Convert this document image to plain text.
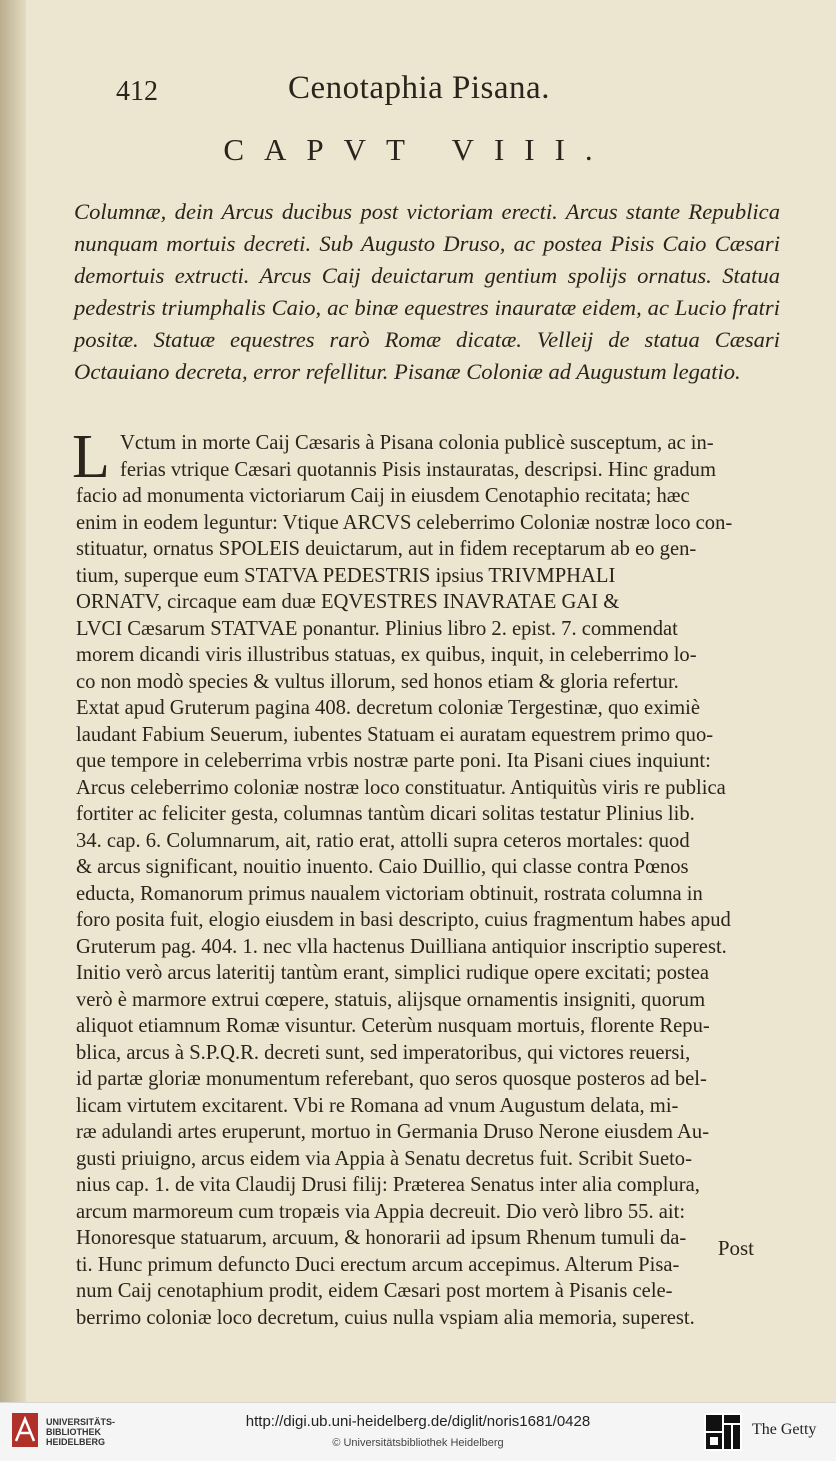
412	Cenotaphia Pisana.
CAPVT VIII.
Columnæ, dein Arcus ducibus post victoriam erecti. Arcus stante Republica nunquam mortuis decreti. Sub Augusto Druso, ac postea Pisis Caio Cæsari demortuis extructi. Arcus Caij deuictarum gentium spolijs ornatus. Statua pedestris triumphalis Caio, ac binæ equestres inauratæ eidem, ac Lucio fratri positæ. Statuæ equestres rarò Romæ dicatæ. Velleij de statua Cæsari Octauiano decreta, error refellitur. Pisanæ Coloniæ ad Augustum legatio.
L Vctum in morte Caij Cæsaris à Pisana colonia publicè susceptum, ac in-
ferias vtrique Cæsari quotannis Pisis instauratas, descripsi. Hinc gradum
facio ad monumenta victoriarum Caij in eiusdem Cenotaphio recitata; hæc
enim in eodem leguntur: Vtique ARCVS celeberrimo Coloniæ nostræ loco con-
stituatur, ornatus SPOLEIS deuictarum, aut in fidem receptarum ab eo gen-
tium, superque eum STATVA PEDESTRIS ipsius TRIVMPHALI
ORNATV, circaque eam duæ EQVESTRES INAVRATAE GAI &
LVCI Cæsarum STATVAE ponantur. Plinius libro 2. epist. 7. commendat
morem dicandi viris illustribus statuas, ex quibus, inquit, in celeberrimo lo-
co non modò species & vultus illorum, sed honos etiam & gloria refertur.
Extat apud Gruterum pagina 408. decretum coloniæ Tergestinæ, quo eximiè
laudant Fabium Seuerum, iubentes Statuam ei auratam equestrem primo quo-
que tempore in celeberrima vrbis nostræ parte poni. Ita Pisani ciues inquiunt:
Arcus celeberrimo coloniæ nostræ loco constituatur. Antiquitùs viris re publica
fortiter ac feliciter gesta, columnas tantùm dicari solitas testatur Plinius lib.
34. cap. 6. Columnarum, ait, ratio erat, attolli supra ceteros mortales: quod
& arcus significant, nouitio inuento. Caio Duillio, qui classe contra Pœnos
educta, Romanorum primus naualem victoriam obtinuit, rostrata columna in
foro posita fuit, elogio eiusdem in basi descripto, cuius fragmentum habes apud
Gruterum pag. 404. 1. nec vlla hactenus Duilliana antiquior inscriptio superest.
Initio verò arcus lateritij tantùm erant, simplici rudique opere excitati; postea
verò è marmore extrui cœpere, statuis, alijsque ornamentis insigniti, quorum
aliquot etiamnum Romæ visuntur. Ceterùm nusquam mortuis, florente Repu-
blica, arcus à S.P.Q.R. decreti sunt, sed imperatoribus, qui victores reuersi,
id partæ gloriæ monumentum referebant, quo seros quosque posteros ad bel-
licam virtutem excitarent. Vbi re Romana ad vnum Augustum delata, mi-
ræ adulandi artes eruperunt, mortuo in Germania Druso Nerone eiusdem Au-
gusti priuigno, arcus eidem via Appia à Senatu decretus fuit. Scribit Sueto-
nius cap. 1. de vita Claudij Drusi filij: Præterea Senatus inter alia complura,
arcum marmoreum cum tropæis via Appia decreuit. Dio verò libro 55. ait:
Honoresque statuarum, arcuum, & honorarii ad ipsum Rhenum tumuli da-
ti. Hunc primum defuncto Duci erectum arcum accepimus. Alterum Pisa-
num Caij cenotaphium prodit, eidem Cæsari post mortem à Pisanis cele-
berrimo coloniæ loco decretum, cuius nulla vspiam alia memoria, superest.
Post
UNIVERSITÄTS-
BIBLIOTHEK
HEIDELBERG
http://digi.ub.uni-heidelberg.de/diglit/noris1681/0428
© Universitätsbibliothek Heidelberg
The Getty
